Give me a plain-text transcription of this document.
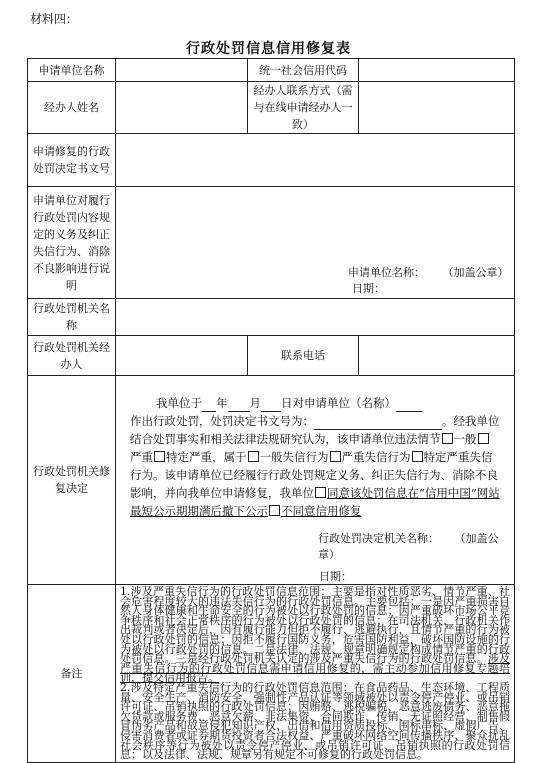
材料四：
行政处罚信息信用修复表
申请单位名称		统一社会信用代码	
经办人姓名		经办人联系方式（需与在线申请经办人一致）	
申请修复的行政处罚决定书文号			
申请单位对履行行政处罚内容规定的义务及纠正失信行为、消除不良影响进行说明	申请单位名称： （加盖公章）
日期：		

行政处罚机关名称			
行政处罚机关经办人		联系电话	
行政处罚机关修复决定	我单位于 年 月 日对申请单位（名称）
作出行政处罚，处罚决定书文号为： 。经我单位结合处罚事实和相关法律法规研究认为，该申请单位违法情节 一般严重 特定严重，属于 一般失信行为 严重失信行为 特定严重失信行为。该申请单位已经履行行政处罚规定义务、纠正失信行为、消除不良影响，并向我单位申请修复，我单位 同意该处罚信息在“信用中国”网站最短公示期期满后撤下公示 不同意信用修复
行政处罚决定机关名称： （加盖公章）
日期：		

备注	1.涉及严重失信行为的行政处罚信息范围：主要是指对性质恶劣、情节严重、社会危害程度较大的违法失信行为的行政处罚信息。主要包括：一是因严重损害自然人身体健康和生命安全的行为被处以行政处罚的信息；因严重破坏市场公平竞争秩序和社会正常秩序的行为被处以行政处罚的信息；在司法机关、行政机关作出裁判或者决定后，因有履行能力但拒不履行、逃避执行，且情节严重的行为被处以行政处罚的信息；因拒不履行国防义务，危害国防利益，破坏国防设施的行为被处以行政处罚的信息。二是法律、法规、规章明确规定构成情节严重的行政处罚信息。三是经行政处罚机关认定的涉及严重失信行为的行政处罚信息。涉及严重失信行为的行政处罚信息需申请信用修复的，需主动参加信用修复专题培训，提交信用报告。
2.涉及特定严重失信行为的行政处罚信息范围：在食品药品、生态环境、工程质量、安全生产、消防安全、强制性产品认证等领域被处以责令停产停业、或吊销许可证、吊销执照的行政处罚信息；因贿赂、逃税骗税、恶意逃废债务、恶意拖欠货款或服务费、恶意欠薪、非法集资、合同欺诈、传销、无证照经营、制售假冒伪劣产品和故意侵犯知识产权、出借和借用资质投标、围标串标、虚假广告、侵害消费者或证券期货投资者合法权益、严重破坏网络空间传播秩序、聚众扰乱社会秩序等行为被处以责令停产停业、或吊销许可证、吊销执照的行政处罚信息；以及法律、法规、规章另有规定不可修复的行政处罚信息。		
